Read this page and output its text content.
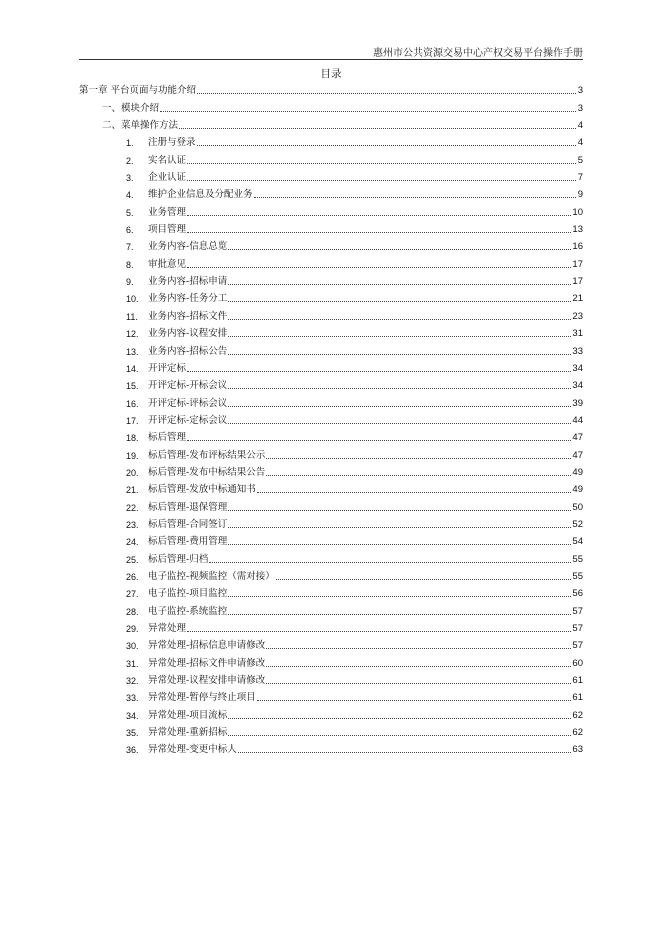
惠州市公共资源交易中心产权交易平台操作手册
目录
第一章 平台页面与功能介绍	3
一、模块介绍	3
二、菜单操作方法	4
1.	注册与登录	4
2.	实名认证	5
3.	企业认证	7
4.	维护企业信息及分配业务	9
5.	业务管理	10
6.	项目管理	13
7.	业务内容-信息总览	16
8.	审批意见	17
9.	业务内容-招标申请	17
10. 业务内容-任务分工	21
11.	业务内容-招标文件	23
12. 业务内容-议程安排	31
13. 业务内容-招标公告	33
14. 开评定标	34
15. 开评定标-开标会议	34
16. 开评定标-评标会议	39
17. 开评定标-定标会议	44
18. 标后管理	47
19. 标后管理-发布评标结果公示	47
20. 标后管理-发布中标结果公告	49
21. 标后管理-发放中标通知书	49
22. 标后管理-退保管理	50
23. 标后管理-合同签订	52
24. 标后管理-费用管理	54
25. 标后管理-归档	55
26. 电子监控-视频监控（需对接）	55
27. 电子监控-项目监控	56
28. 电子监控-系统监控	57
29. 异常处理	57
30. 异常处理-招标信息申请修改	57
31. 异常处理-招标文件申请修改	60
32. 异常处理-议程安排申请修改	61
33. 异常处理-暂停与终止项目	61
34. 异常处理-项目流标	62
35. 异常处理-重新招标	62
36. 异常处理-变更中标人	63
